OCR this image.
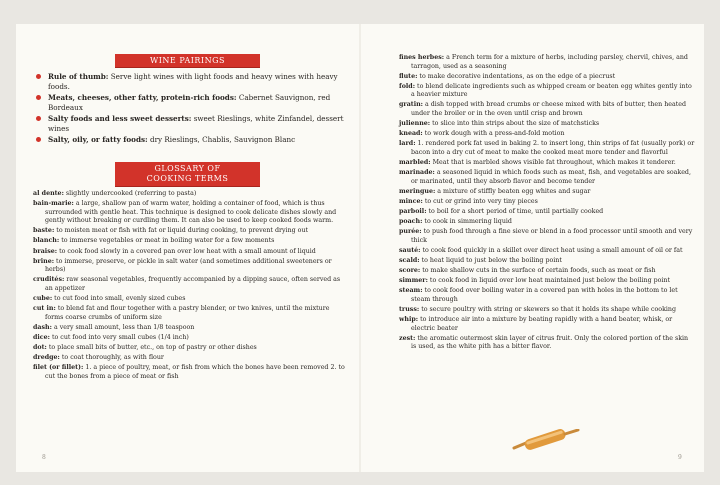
WINE PAIRINGS
Rule of thumb: Serve light wines with light foods and heavy wines with heavy foods.
Meats, cheeses, other fatty, protein-rich foods: Cabernet Sauvignon, red Bordeaux
Salty foods and less sweet desserts: sweet Rieslings, white Zinfandel, dessert wines
Salty, oily, or fatty foods: dry Rieslings, Chablis, Sauvignon Blanc
GLOSSARY OF
COOKING TERMS
al dente: slightly undercooked (referring to pasta)
bain-marie: a large, shallow pan of warm water, holding a container of food, which is thus surrounded with gentle heat. This technique is designed to cook delicate dishes slowly and gently without breaking or curdling them. It can also be used to keep cooked foods warm.
baste: to moisten meat or fish with fat or liquid during cooking, to prevent drying out
blanch: to immerse vegetables or meat in boiling water for a few moments
braise: to cook food slowly in a covered pan over low heat with a small amount of liquid
brine: to immerse, preserve, or pickle in salt water (and sometimes additional sweeteners or herbs)
crudités: raw seasonal vegetables, frequently accompanied by a dipping sauce, often served as an appetizer
cube: to cut food into small, evenly sized cubes
cut in: to blend fat and flour together with a pastry blender, or two knives, until the mixture forms coarse crumbs of uniform size
dash: a very small amount, less than 1/8 teaspoon
dice: to cut food into very small cubes (1/4 inch)
dot: to place small bits of butter, etc., on top of pastry or other dishes
dredge: to coat thoroughly, as with flour
filet (or fillet): 1. a piece of poultry, meat, or fish from which the bones have been removed 2. to cut the bones from a piece of meat or fish
8
fines herbes: a French term for a mixture of herbs, including parsley, chervil, chives, and tarragon, used as a seasoning
flute: to make decorative indentations, as on the edge of a piecrust
fold: to blend delicate ingredients such as whipped cream or beaten egg whites gently into a heavier mixture
gratin: a dish topped with bread crumbs or cheese mixed with bits of butter, then heated under the broiler or in the oven until crisp and brown
julienne: to slice into thin strips about the size of matchsticks
knead: to work dough with a press-and-fold motion
lard: 1. rendered pork fat used in baking 2. to insert long, thin strips of fat (usually pork) or bacon into a dry cut of meat to make the cooked meat more tender and flavorful
marbled: Meat that is marbled shows visible fat throughout, which makes it tenderer.
marinade: a seasoned liquid in which foods such as meat, fish, and vegetables are soaked, or marinated, until they absorb flavor and become tender
meringue: a mixture of stiffly beaten egg whites and sugar
mince: to cut or grind into very tiny pieces
parboil: to boil for a short period of time, until partially cooked
poach: to cook in simmering liquid
purée: to push food through a fine sieve or blend in a food processor until smooth and very thick
sauté: to cook food quickly in a skillet over direct heat using a small amount of oil or fat
scald: to heat liquid to just below the boiling point
score: to make shallow cuts in the surface of certain foods, such as meat or fish
simmer: to cook food in liquid over low heat maintained just below the boiling point
steam: to cook food over boiling water in a covered pan with holes in the bottom to let steam through
truss: to secure poultry with string or skewers so that it holds its shape while cooking
whip: to introduce air into a mixture by beating rapidly with a hand beater, whisk, or electric beater
zest: the aromatic outermost skin layer of citrus fruit. Only the colored portion of the skin is used, as the white pith has a bitter flavor.
9
